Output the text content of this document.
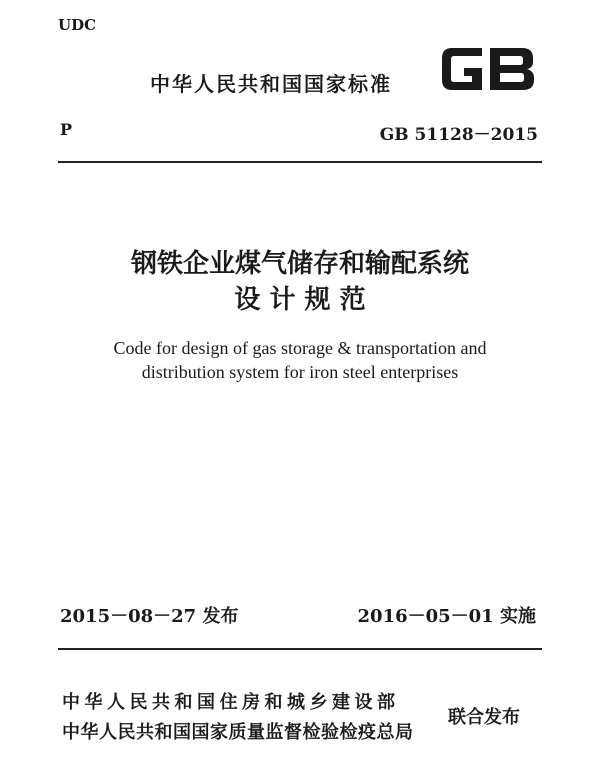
UDC
中华人民共和国国家标准
P	GB 51128－2015
钢铁企业煤气储存和输配系统
设 计 规 范
Code for design of gas storage & transportation and
distribution system for iron steel enterprises
2015－08－27 发布	2016－05－01 实施
中华人民共和国住房和城乡建设部
中华人民共和国国家质量监督检验检疫总局
联合发布
